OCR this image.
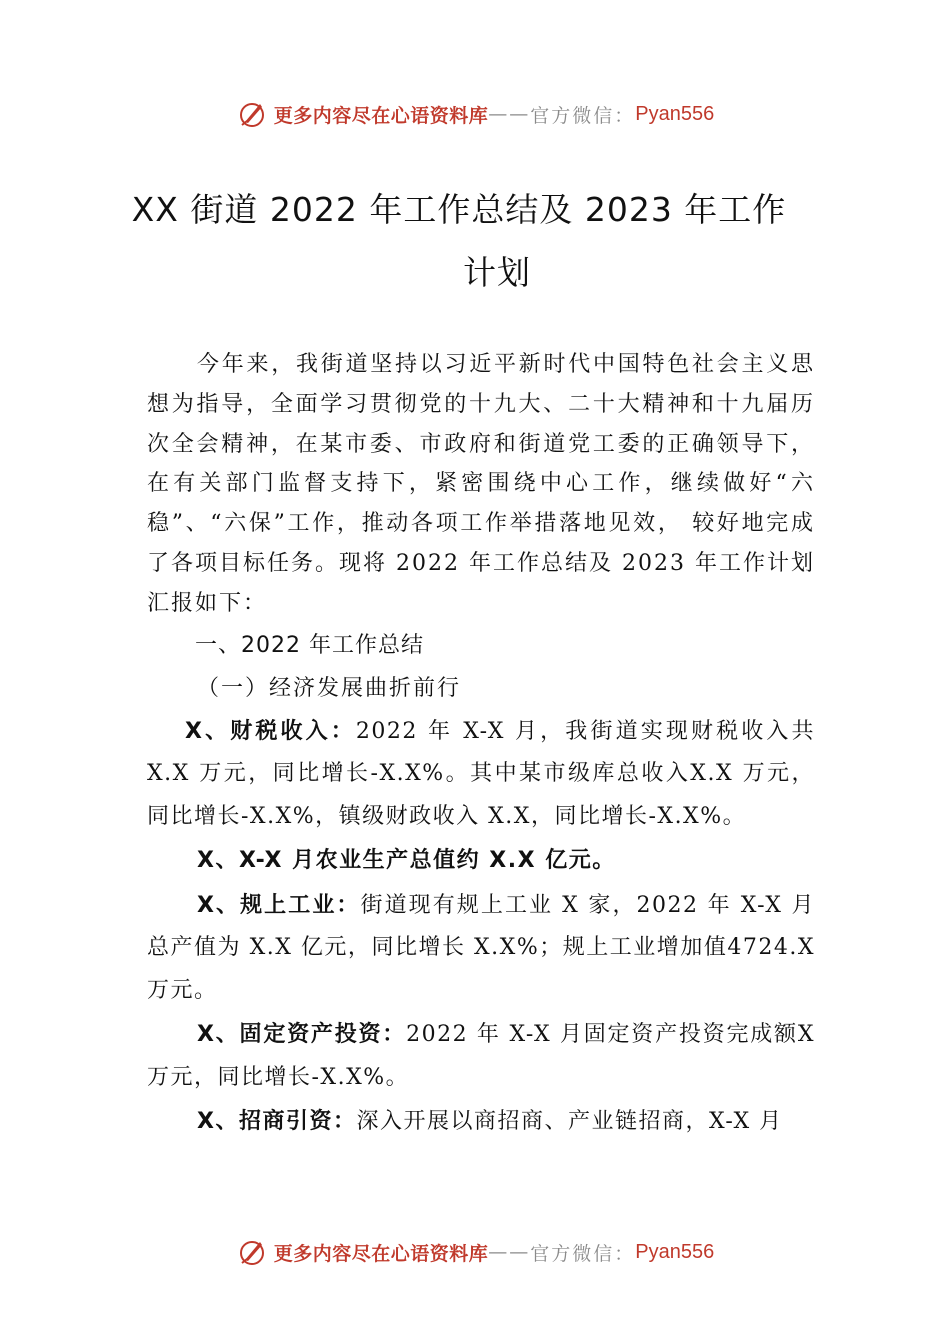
更多内容尽在心语资料库 —— 官方微信： Pyan556
XX 街道 2022 年工作总结及 2023 年工作
计划

今年来，我街道坚持以习近平新时代中国特色社会主义思想为指导，全面学习贯彻党的十九大、二十大精神和十九届历次全会精神，在某市委、市政府和街道党工委的正确领导下，在有关部门监督支持下，紧密围绕中心工作，继续做好“六稳”、“六保”工作，推动各项工作举措落地见效， 较好地完成了各项目标任务。现将 2022 年工作总结及 2023 年工作计划汇报如下：

一、2022 年工作总结

（一）经济发展曲折前行

X、财税收入：2022 年 X-X 月，我街道实现财税收入共 X.X 万元，同比增长-X.X%。其中某市级库总收入X.X 万元，同比增长-X.X%，镇级财政收入 X.X，同比增长-X.X%。

X、X-X 月农业生产总值约 X.X 亿元。

X、规上工业：街道现有规上工业 X 家，2022 年 X-X 月总产值为 X.X 亿元，同比增长 X.X%；规上工业增加值4724.X 万元。

X、固定资产投资：2022 年 X-X 月固定资产投资完成额X 万元，同比增长-X.X%。

X、招商引资：深入开展以商招商、产业链招商，X-X 月

更多内容尽在心语资料库 —— 官方微信： Pyan556
